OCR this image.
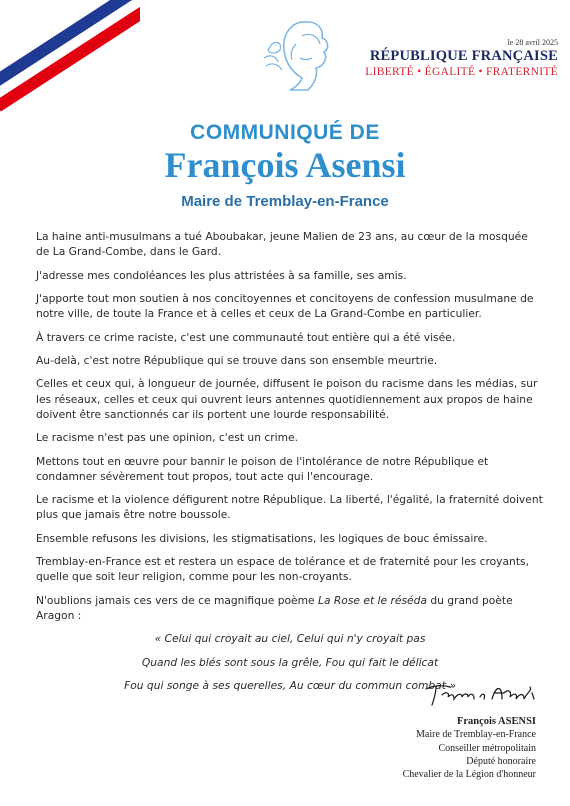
le 28 avril 2025
RÉPUBLIQUE FRANÇAISE
LIBERTÉ • ÉGALITÉ • FRATERNITÉ
COMMUNIQUÉ DE
François Asensi
Maire de Tremblay-en-France

La haine anti-musulmans a tué Aboubakar, jeune Malien de 23 ans, au cœur de la mosquée de La Grand-Combe, dans le Gard.

J'adresse mes condoléances les plus attristées à sa famille, ses amis.

J'apporte tout mon soutien à nos concitoyennes et concitoyens de confession musulmane de notre ville, de toute la France et à celles et ceux de La Grand-Combe en particulier.

À travers ce crime raciste, c'est une communauté tout entière qui a été visée.

Au-delà, c'est notre République qui se trouve dans son ensemble meurtrie.

Celles et ceux qui, à longueur de journée, diffusent le poison du racisme dans les médias, sur les réseaux, celles et ceux qui ouvrent leurs antennes quotidiennement aux propos de haine doivent être sanctionnés car ils portent une lourde responsabilité.

Le racisme n'est pas une opinion, c'est un crime.

Mettons tout en œuvre pour bannir le poison de l'intolérance de notre République et condamner sévèrement tout propos, tout acte qui l'encourage.

Le racisme et la violence défigurent notre République. La liberté, l'égalité, la fraternité doivent plus que jamais être notre boussole.

Ensemble refusons les divisions, les stigmatisations, les logiques de bouc émissaire.

Tremblay-en-France est et restera un espace de tolérance et de fraternité pour les croyants, quelle que soit leur religion, comme pour les non-croyants.

N'oublions jamais ces vers de ce magnifique poème La Rose et le réséda du grand poète Aragon :

« Celui qui croyait au ciel, Celui qui n'y croyait pas

Quand les blés sont sous la grêle, Fou qui fait le délicat

Fou qui songe à ses querelles, Au cœur du commun combat »

François ASENSI
Maire de Tremblay-en-France
Conseiller métropolitain
Député honoraire
Chevalier de la Légion d'honneur
